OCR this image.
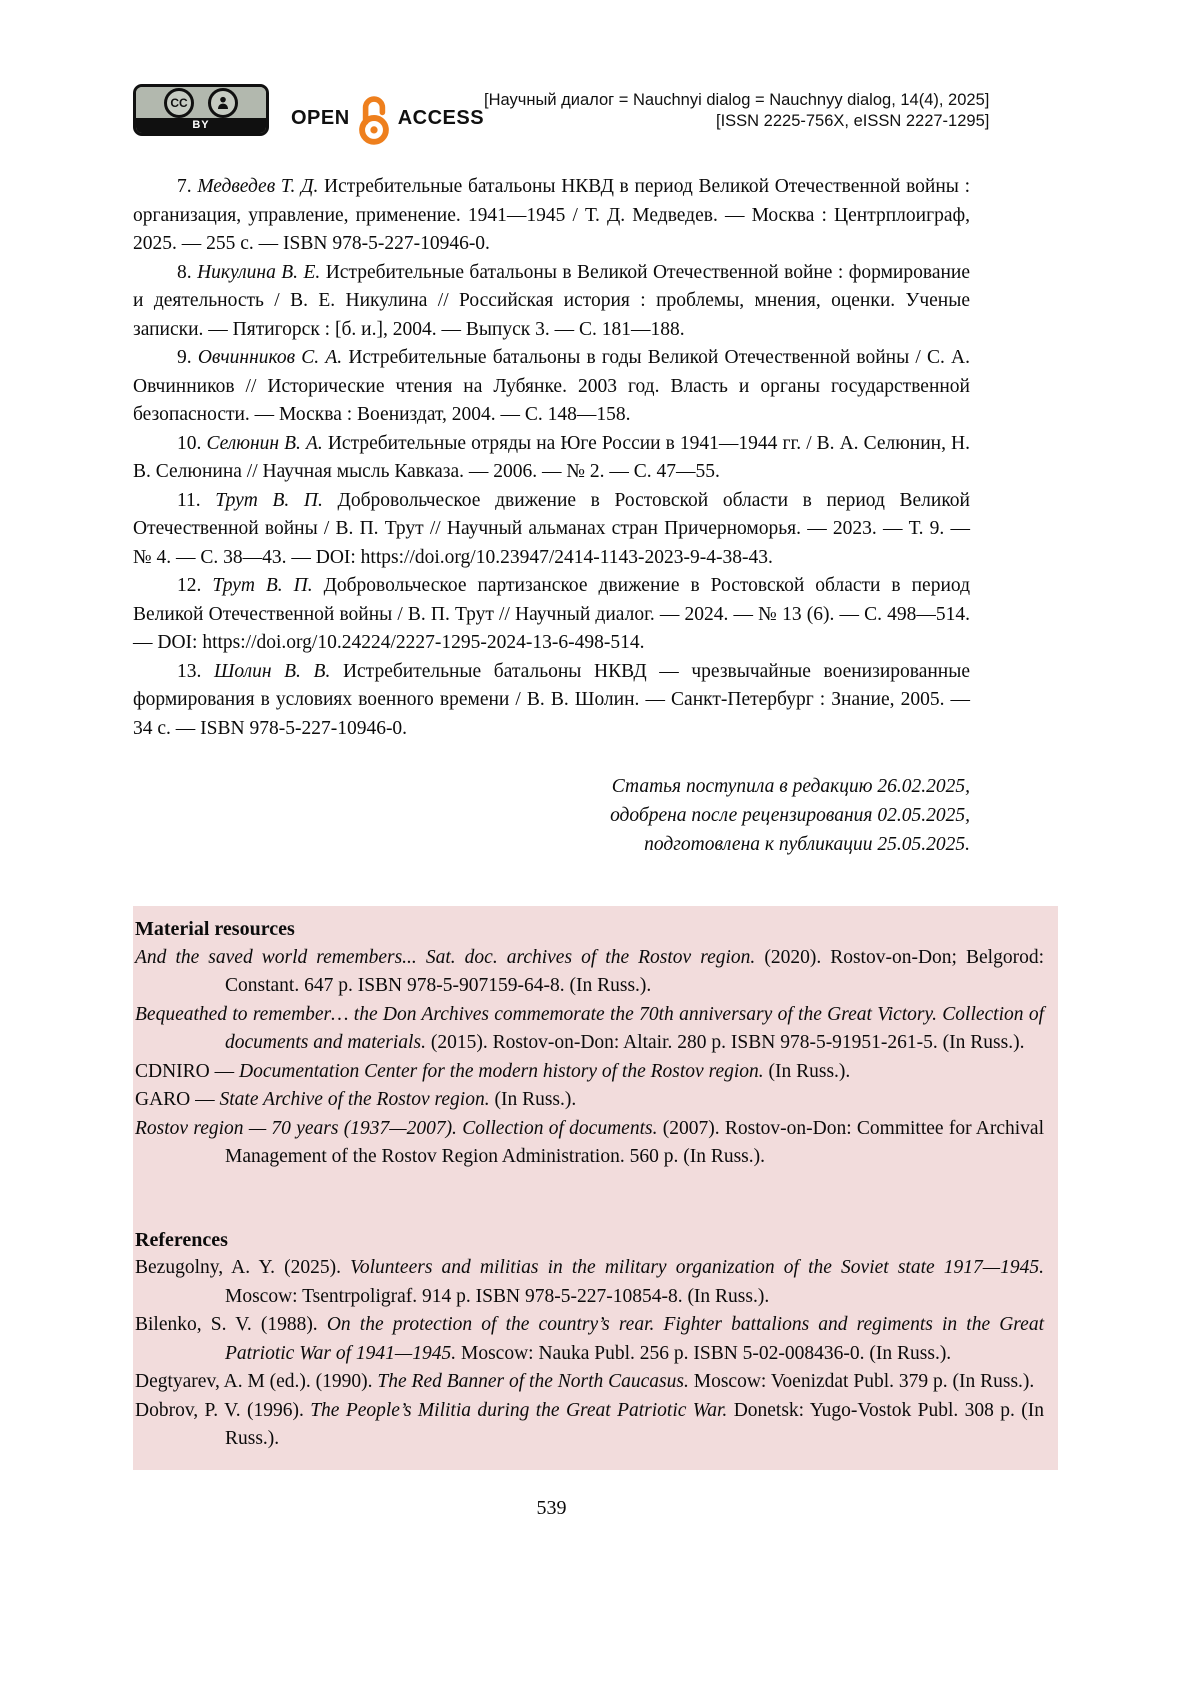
CC
BY	OPEN ACCESS
[Научный диалог = Nauchnyi dialog = Nauchnyy dialog, 14(4), 2025]
[ISSN 2225-756X, eISSN 2227-1295]

7. Медведев Т. Д. Истребительные батальоны НКВД в период Великой Отечественной войны : организация, управление, применение. 1941—1945 / Т. Д. Медведев. — Москва : Центрплоиграф, 2025. — 255 с. — ISBN 978-5-227-10946-0.

8. Никулина В. Е. Истребительные батальоны в Великой Отечественной войне : формирование и деятельность / В. Е. Никулина // Российская история : проблемы, мнения, оценки. Ученые записки. — Пятигорск : [б. и.], 2004. — Выпуск 3. — С. 181—188.

9. Овчинников С. А. Истребительные батальоны в годы Великой Отечественной войны / С. А. Овчинников // Исторические чтения на Лубянке. 2003 год. Власть и органы государственной безопасности. — Москва : Воениздат, 2004. — С. 148—158.

10. Селюнин В. А. Истребительные отряды на Юге России в 1941—1944 гг. / В. А. Селюнин, Н. В. Селюнина // Научная мысль Кавказа. — 2006. — № 2. — С. 47—55.

11. Трут В. П. Добровольческое движение в Ростовской области в период Великой Отечественной войны / В. П. Трут // Научный альманах стран Причерноморья. — 2023. — Т. 9. — № 4. — С. 38—43. — DOI: https://doi.org/10.23947/2414-1143-2023-9-4-38-43.

12. Трут В. П. Добровольческое партизанское движение в Ростовской области в период Великой Отечественной войны / В. П. Трут // Научный диалог. — 2024. — № 13 (6). — С. 498—514. — DOI: https://doi.org/10.24224/2227-1295-2024-13-6-498-514.

13. Шолин В. В. Истребительные батальоны НКВД — чрезвычайные военизированные формирования в условиях военного времени / В. В. Шолин. — Санкт-Петербург : Знание, 2005. — 34 с. — ISBN 978-5-227-10946-0.

Статья поступила в редакцию 26.02.2025,
одобрена после рецензирования 02.05.2025,
подготовлена к публикации 25.05.2025.
Material resources

And the saved world remembers... Sat. doc. archives of the Rostov region. (2020). Rostov-on-Don; Belgorod: Constant. 647 p. ISBN 978-5-907159-64-8. (In Russ.).

Bequeathed to remember… the Don Archives commemorate the 70th anniversary of the Great Victory. Collection of documents and materials. (2015). Rostov-on-Don: Altair. 280 p. ISBN 978-5-91951-261-5. (In Russ.).

CDNIRO — Documentation Center for the modern history of the Rostov region. (In Russ.).

GARO — State Archive of the Rostov region. (In Russ.).

Rostov region — 70 years (1937—2007). Collection of documents. (2007). Rostov-on-Don: Committee for Archival Management of the Rostov Region Administration. 560 p. (In Russ.).

References

Bezugolny, A. Y. (2025). Volunteers and militias in the military organization of the Soviet state 1917—1945. Moscow: Tsentrpoligraf. 914 p. ISBN 978-5-227-10854-8. (In Russ.).

Bilenko, S. V. (1988). On the protection of the country’s rear. Fighter battalions and regiments in the Great Patriotic War of 1941—1945. Moscow: Nauka Publ. 256 p. ISBN 5-02-008436-0. (In Russ.).

Degtyarev, A. M (ed.). (1990). The Red Banner of the North Caucasus. Moscow: Voenizdat Publ. 379 p. (In Russ.).

Dobrov, P. V. (1996). The People’s Militia during the Great Patriotic War. Donetsk: Yugo-Vostok Publ. 308 p. (In Russ.).

539
